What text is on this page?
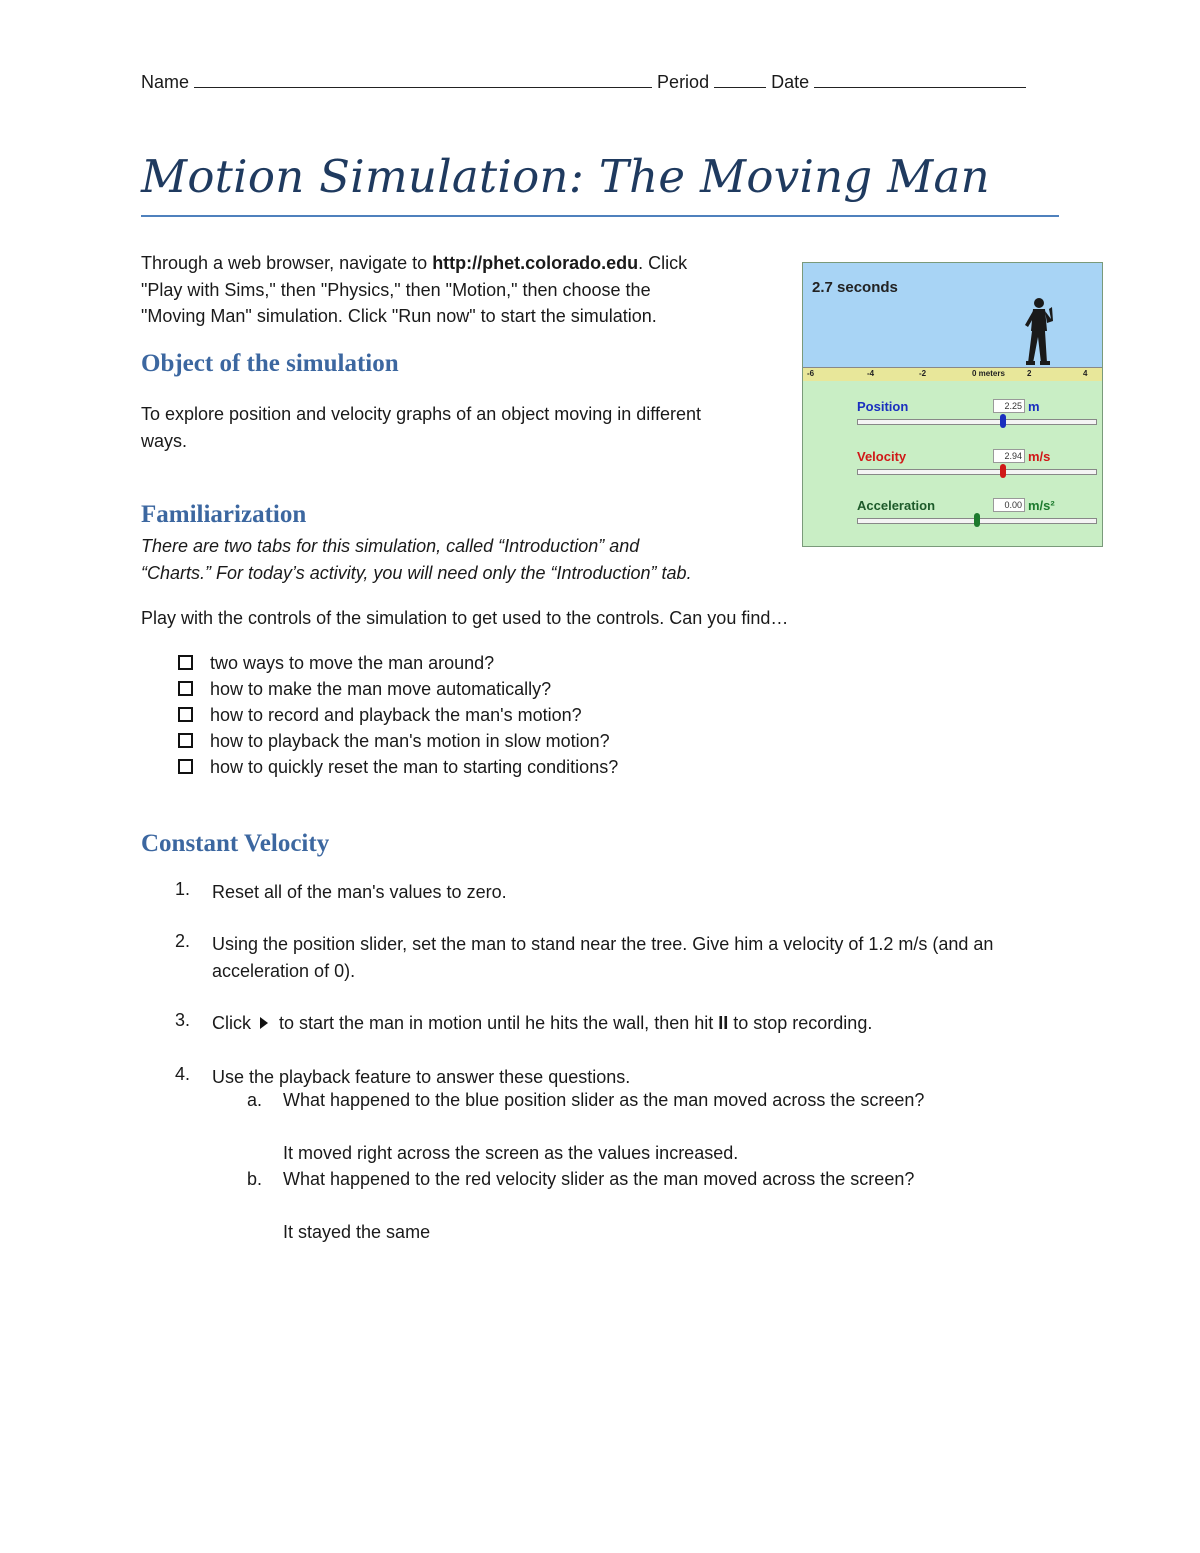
Name	Period	Date
Motion Simulation: The Moving Man
Through a web browser, navigate to http://phet.colorado.edu. Click
"Play with Sims," then "Physics," then "Motion," then choose the
"Moving Man" simulation. Click "Run now" to start the simulation.
Object of the simulation
To explore position and velocity graphs of an object moving in different
ways.
Familiarization
There are two tabs for this simulation, called “Introduction” and
“Charts.” For today’s activity, you will need only the “Introduction” tab.
Play with the controls of the simulation to get used to the controls. Can you find…
two ways to move the man around?
how to make the man move automatically?
how to record and playback the man's motion?
how to playback the man's motion in slow motion?
how to quickly reset the man to starting conditions?
Constant Velocity
1. Reset all of the man's values to zero.
2. Using the position slider, set the man to stand near the tree. Give him a velocity of 1.2 m/s (and an acceleration of 0).
3. Click  to start the man in motion until he hits the wall, then hit II to stop recording.
4. Use the playback feature to answer these questions.
a. What happened to the blue position slider as the man moved across the screen?
It moved right across the screen as the values increased.
b. What happened to the red velocity slider as the man moved across the screen?
It stayed the same
2.7 seconds
-6	-4	-2	0 meters	2	4
Position	2.25 m
Velocity	2.94 m/s
Acceleration	0.00 m/s²
